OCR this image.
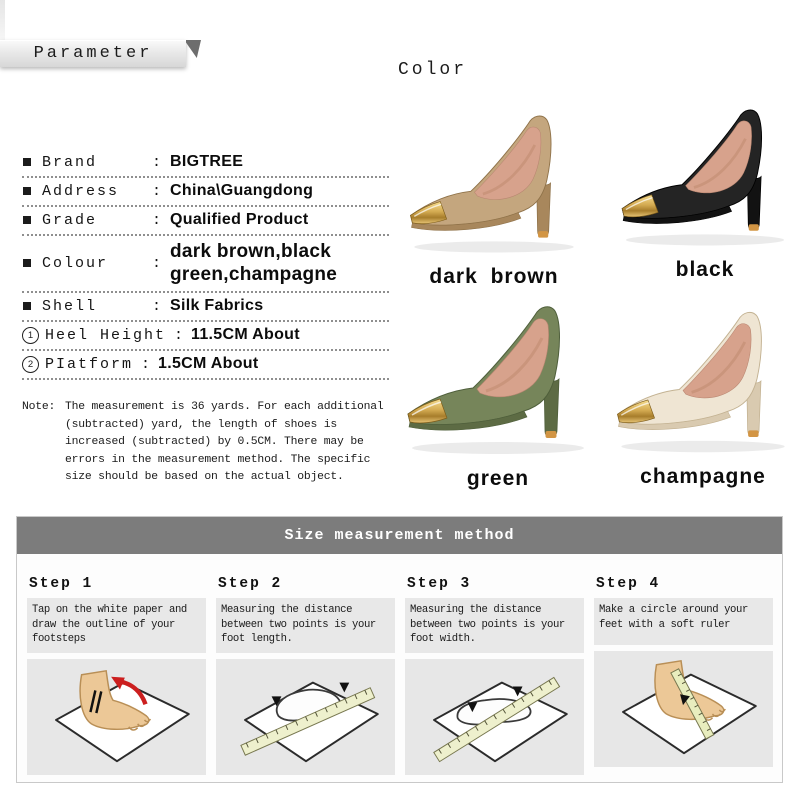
Parameter
Color
dark brown	black
green	champagne
Brand	: BIGTREE
Address	: China\Guangdong
Grade	: Qualified Product
Colour	:
dark brown,black
green,champagne
Shell	: Silk Fabrics
1 Heel Height : 11.5CM About
2 PIatform : 1.5CM About
Note: The measurement is 36 yards. For each additional (subtracted) yard, the length of shoes is increased (subtracted) by 0.5CM. There may be errors in the measurement method. The specific size should be based on the actual object.
Size measurement method
Step 1
Tap on the white paper and draw the outline of your footsteps
Step 2
Measuring the distance between two points is your foot length.
Step 3
Measuring the distance between two points is your foot width.
Step 4
Make a circle around your feet with a soft ruler
